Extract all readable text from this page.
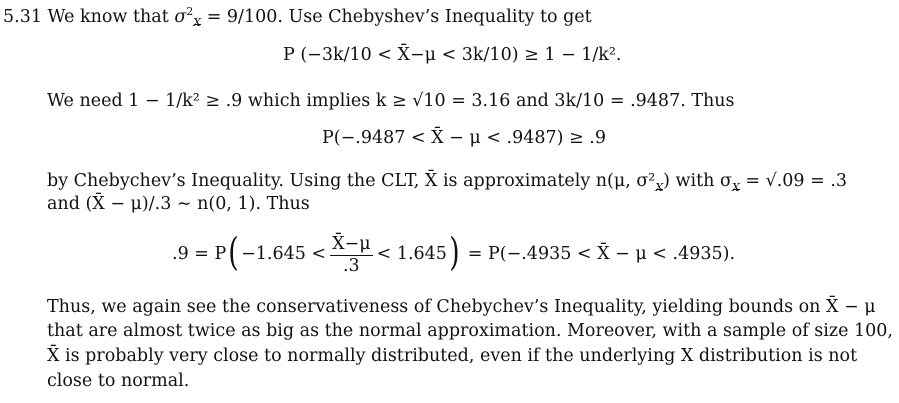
5.31 We know that $\sigma^2_X = 9/100$. Use Chebyshev’s Inequality to get
P (−3k/10 < X̄−μ < 3k/10) ≥ 1 − 1/k².
We need 1 − 1/k² ≥ .9 which implies k ≥ √10 = 3.16 and 3k/10 = .9487. Thus
P(−.9487 < X̄ − μ < .9487) ≥ .9
by Chebychev’s Inequality. Using the CLT, X̄ is approximately n(μ, $\sigma^2_X$) with $\sigma_X = √.09 = .3$
and (X̄ − μ)/.3 ∼ n(0, 1). Thus
.9 = P ( $-1.645 < \frac{X̄-\mu}{.3} < 1.645$ ) = P(−.4935 < X̄ − μ < .4935).
Thus, we again see the conservativeness of Chebychev’s Inequality, yielding bounds on X̄ − μ
that are almost twice as big as the normal approximation. Moreover, with a sample of size 100,
X̄ is probably very close to normally distributed, even if the underlying X distribution is not
close to normal.
